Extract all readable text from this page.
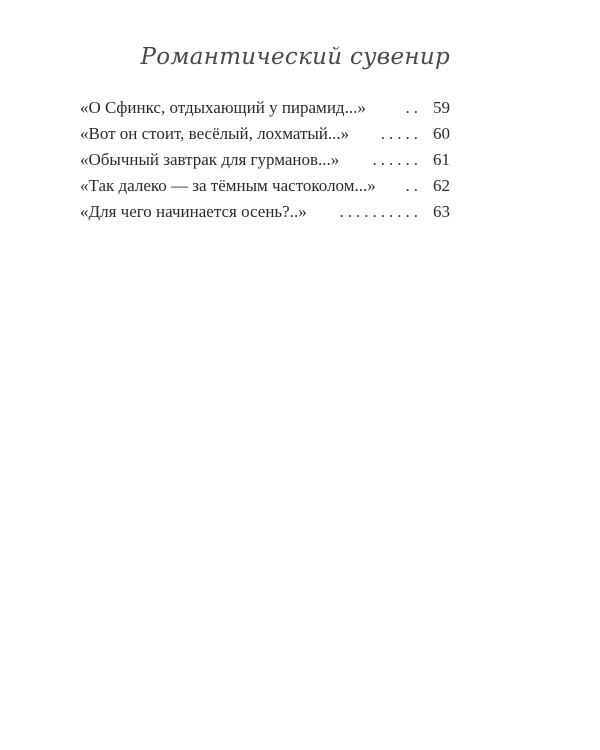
Романтический сувенир
«О Сфинкс, отдыхающий у пирамид...»	.. 59
«Вот он стоит, весёлый, лохматый...»	..... 60
«Обычный завтрак для гурманов...»	...... 61
«Так далеко — за тёмным частоколом...»	.. 62
«Для чего начинается осень?..»	.......... 63
